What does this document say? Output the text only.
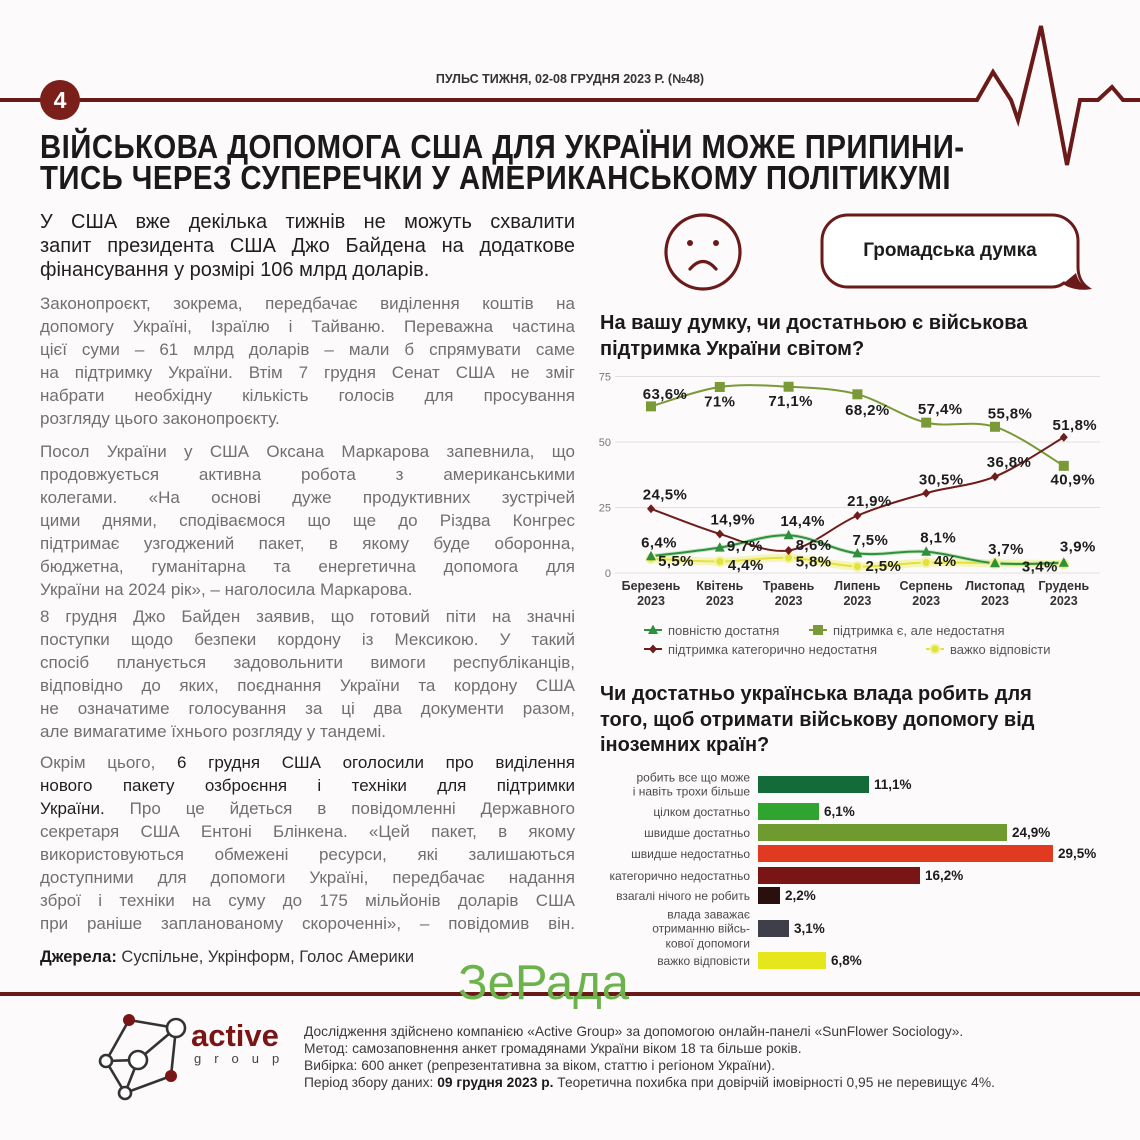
ПУЛЬС ТИЖНЯ, 02-08 ГРУДНЯ 2023 Р. (№48)
4
ВІЙСЬКОВА ДОПОМОГА США ДЛЯ УКРАЇНИ МОЖЕ ПРИПИНИ-
ТИСЬ ЧЕРЕЗ СУПЕРЕЧКИ У АМЕРИКАНСЬКОМУ ПОЛІТИКУМІ
У США вже декілька тижнів не можуть схвалити
запит президента США Джо Байдена на додаткове
фінансування у розмірі 106 млрд доларів.
Законопроєкт, зокрема, передбачає виділення коштів на
допомогу Україні, Ізраїлю і Тайваню. Переважна частина
цієї суми – 61 млрд доларів – мали б спрямувати саме
на підтримку України. Втім 7 грудня Сенат США не зміг
набрати необхідну кількість голосів для просування
розгляду цього законопроєкту.
Посол України у США Оксана Маркарова запевнила, що
продовжується активна робота з американськими
колегами. «На основі дуже продуктивних зустрічей
цими днями, сподіваємося що ще до Різдва Конгрес
підтримає узгоджений пакет, в якому буде оборонна,
бюджетна, гуманітарна та енергетична допомога для
України на 2024 рік», – наголосила Маркарова.
8 грудня Джо Байден заявив, що готовий піти на значні
поступки щодо безпеки кордону із Мексикою. У такий
спосіб планується задовольнити вимоги республіканців,
відповідно до яких, поєднання України та кордону США
не означатиме голосування за ці два документи разом,
але вимагатиме їхнього розгляду у тандемі.
Окрім цього, 6 грудня США оголосили про виділення
нового пакету озброєння і техніки для підтримки
України. Про це йдеться в повідомленні Державного
секретаря США Ентоні Блінкена. «Цей пакет, в якому
використовуються обмежені ресурси, які залишаються
доступними для допомоги Україні, передбачає надання
зброї і техніки на суму до 175 мільйонів доларів США
при раніше запланованому скороченні», – повідомив він.
Джерела: Суспільне, Укрінформ, Голос Америки
Громадська думка
На вашу думку, чи достатньою є військова
підтримка України світом?
0
25
50
75
Березень 2023
Квітень 2023
Травень 2023
Липень 2023
Серпень 2023
Листопад 2023
Грудень 2023
6,4%	9,7%
14,4%
7,5% 8,1%
3,7% 3,9%
63,6% 71% 71,1%
68,2% 57,4% 55,8%
40,9%
24,5%
14,9%
8,6%
21,9%
30,5%
36,8%
51,8%
5,5% 4,4% 5,8% 2,5% 4%	3,4%
повністю достатня	підтримка є, але недостатня
підтримка категорично недостатня	важко відповісти
Чи достатньо українська влада робить для
того, щоб отримати військову допомогу від
іноземних країн?
робить все що може
і навіть трохи більше	11,1%
цілком достатньо	6,1%
швидше достатньо	24,9%
швидше недостатньо	29,5%
категорично недостатньо	16,2%
взагалі нічого не робить	2,2%
влада заважає
отриманню війсь-
кової допомоги
3,1%
важко відповісти	6,8%
ЗеРада
active
group
Дослідження здійснено компанією «Active Group» за допомогою онлайн-панелі «SunFlower Sociology».
Метод: самозаповнення анкет громадянами України віком 18 та більше років.
Вибірка: 600 анкет (репрезентативна за віком, статтю і регіоном України).
Період збору даних: 09 грудня 2023 р. Теоретична похибка при довірчій імовірності 0,95 не перевищує 4%.
